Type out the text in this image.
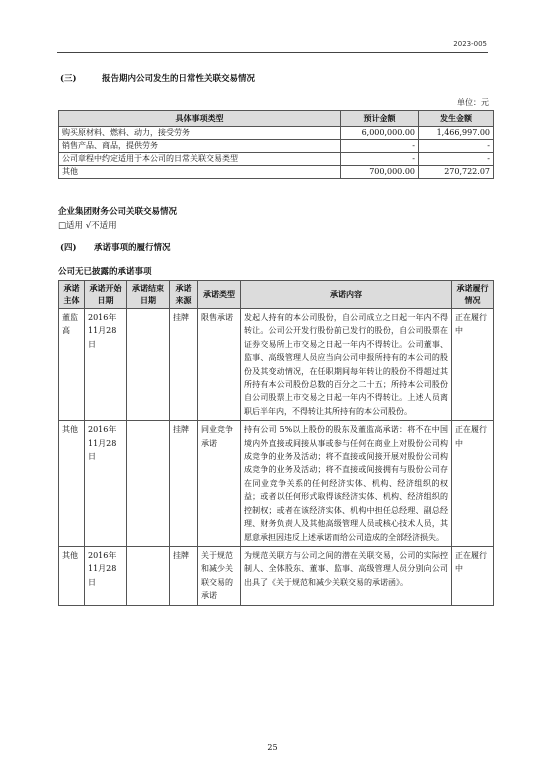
2023-005
(三)	报告期内公司发生的日常性关联交易情况
单位：元
具体事项类型	预计金额	发生金额
购买原材料、燃料、动力，接受劳务	6,000,000.00	1,466,997.00
销售产品、商品，提供劳务	-	-
公司章程中约定适用于本公司的日常关联交易类型	-	-
其他	700,000.00	270,722.07
企业集团财务公司关联交易情况
□适用 √不适用
(四) 承诺事项的履行情况
公司无已披露的承诺事项
承诺主体	承诺开始日期	承诺结束日期	承诺来源	承诺类型	承诺内容	承诺履行情况
董监高	2016年11月28日		挂牌	限售承诺	发起人持有的本公司股份，自公司成立之日起一年内不得转让。公司公开发行股份前已发行的股份，自公司股票在证券交易所上市交易之日起一年内不得转让。公司董事、监事、高级管理人员应当向公司申报所持有的本公司的股份及其变动情况，在任职期间每年转让的股份不得超过其所持有本公司股份总数的百分之二十五；所持本公司股份自公司股票上市交易之日起一年内不得转让。上述人员离职后半年内，不得转让其所持有的本公司股份。	正在履行中
其他	2016年11月28日		挂牌	同业竞争承诺	持有公司 5%以上股份的股东及董监高承诺：将不在中国境内外直接或间接从事或参与任何在商业上对股份公司构成竞争的业务及活动；将不直接或间接开展对股份公司构成竞争的业务及活动；将不直接或间接拥有与股份公司存在同业竞争关系的任何经济实体、机构、经济组织的权益；或者以任何形式取得该经济实体、机构、经济组织的控制权；或者在该经济实体、机构中担任总经理、副总经理、财务负责人及其他高级管理人员或核心技术人员，其愿意承担因违反上述承诺而给公司造成的全部经济损失。	正在履行中
其他	2016年11月28日		挂牌	关于规范和减少关联交易的承诺	为规范关联方与公司之间的潜在关联交易，公司的实际控制人、全体股东、董事、监事、高级管理人员分别向公司出具了《关于规范和减少关联交易的承诺函》。	正在履行中
25
